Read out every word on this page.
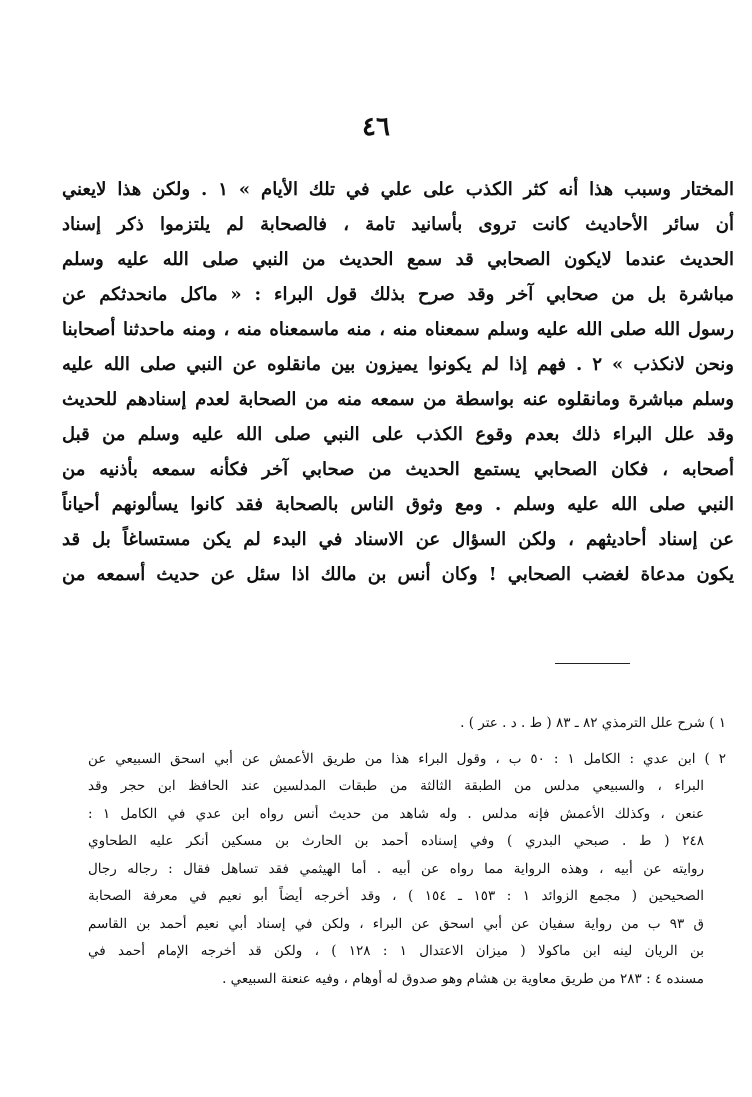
٤٦
المختار وسبب هذا أنه كثر الكذب على علي في تلك الأيام » ١ . ولكن هذا لايعني
أن سائر الأحاديث كانت تروى بأسانيد تامة ، فالصحابة لم يلتزموا ذكر إسناد
الحديث عندما لايكون الصحابي قد سمع الحديث من النبي صلى الله عليه وسلم
مباشرة بل من صحابي آخر وقد صرح بذلك قول البراء : « ماكل مانحدثكم عن
رسول الله صلى الله عليه وسلم سمعناه منه ، منه ماسمعناه منه ، ومنه ماحدثنا أصحابنا
ونحن لانكذب » ٢ . فهم إذا لم يكونوا يميزون بين مانقلوه عن النبي صلى الله عليه
وسلم مباشرة ومانقلوه عنه بواسطة من سمعه منه من الصحابة لعدم إسنادهم للحديث
وقد علل البراء ذلك بعدم وقوع الكذب على النبي صلى الله عليه وسلم من قبل
أصحابه ، فكان الصحابي يستمع الحديث من صحابي آخر فكأنه سمعه بأذنيه من
النبي صلى الله عليه وسلم . ومع وثوق الناس بالصحابة فقد كانوا يسألونهم أحياناً
عن إسناد أحاديثهم ، ولكن السؤال عن الاسناد في البدء لم يكن مستساغاً بل قد
يكون مدعاة لغضب الصحابي ! وكان أنس بن مالك اذا سئل عن حديث أسمعه من
١ ) شرح علل الترمذي ٨٢ ـ ٨٣ ( ط . د . عتر ) .
٢ ) ابن عدي : الكامل ١ : ٥٠ ب ، وقول البراء هذا من طريق الأعمش عن أبي اسحق السبيعي عن
البراء ، والسبيعي مدلس من الطبقة الثالثة من طبقات المدلسين عند الحافظ ابن حجر وقد
عنعن ، وكذلك الأعمش فإنه مدلس . وله شاهد من حديث أنس رواه ابن عدي في الكامل ١ :
٢٤٨ ( ط . صبحي البدري ) وفي إسناده أحمد بن الحارث بن مسكين أنكر عليه الطحاوي
روايته عن أبيه ، وهذه الرواية مما رواه عن أبيه . أما الهيثمي فقد تساهل فقال : رجاله رجال
الصحيحين ( مجمع الزوائد ١ : ١٥٣ ـ ١٥٤ ) ، وقد أخرجه أيضاً أبو نعيم في معرفة الصحابة
ق ٩٣ ب من رواية سفيان عن أبي اسحق عن البراء ، ولكن في إسناد أبي نعيم أحمد بن القاسم
بن الريان لينه ابن ماكولا ( ميزان الاعتدال ١ : ١٢٨ ) ، ولكن قد أخرجه الإمام أحمد في
مسنده ٤ : ٢٨٣ من طريق معاوية بن هشام وهو صدوق له أوهام ، وفيه عنعنة السبيعي .
